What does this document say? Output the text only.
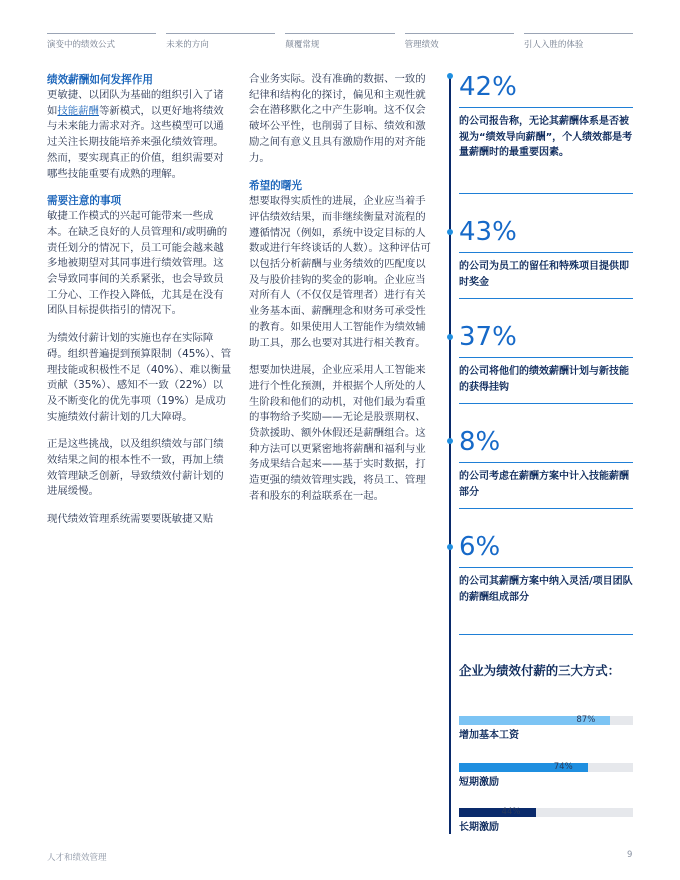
演变中的绩效公式	未来的方向	颠覆常规	管理绩效	引人入胜的体验
绩效薪酬如何发挥作用

更敏捷、以团队为基础的组织引入了诸如技能薪酬等新模式，以更好地将绩效与未来能力需求对齐。这些模型可以通过关注长期技能培养来强化绩效管理。然而，要实现真正的价值，组织需要对哪些技能重要有成熟的理解。

需要注意的事项

敏捷工作模式的兴起可能带来一些成本。在缺乏良好的人员管理和/或明确的责任划分的情况下，员工可能会越来越多地被期望对其同事进行绩效管理。这会导致同事间的关系紧张，也会导致员工分心、工作投入降低，尤其是在没有团队目标提供指引的情况下。

为绩效付薪计划的实施也存在实际障碍。组织普遍提到预算限制（45%）、管理技能或积极性不足（40%）、难以衡量贡献（35%）、感知不一致（22%）以及不断变化的优先事项（19%）是成功实施绩效付薪计划的几大障碍。

正是这些挑战，以及组织绩效与部门绩效结果之间的根本性不一致，再加上绩效管理缺乏创新，导致绩效付薪计划的进展缓慢。

现代绩效管理系统需要要既敏捷又贴

合业务实际。没有准确的数据、一致的纪律和结构化的探讨，偏见和主观性就会在潜移默化之中产生影响。这不仅会破坏公平性，也削弱了目标、绩效和激励之间有意义且具有激励作用的对齐能力。

希望的曙光

想要取得实质性的进展，企业应当着手评估绩效结果，而非继续衡量对流程的遵循情况（例如，系统中设定目标的人数或进行年终谈话的人数）。这种评估可以包括分析薪酬与业务绩效的匹配度以及与股价挂钩的奖金的影响。企业应当对所有人（不仅仅是管理者）进行有关业务基本面、薪酬理念和财务可承受性的教育。如果使用人工智能作为绩效辅助工具，那么也要对其进行相关教育。

想要加快进展，企业应采用人工智能来进行个性化预测，并根据个人所处的人生阶段和他们的动机，对他们最为看重的事物给予奖励——无论是股票期权、贷款援助、额外休假还是薪酬组合。这种方法可以更紧密地将薪酬和福利与业务成果结合起来——基于实时数据，打造更强的绩效管理实践，将员工、管理者和股东的利益联系在一起。

42%
的公司报告称，无论其薪酬体系是否被视为“绩效导向薪酬”，个人绩效都是考量薪酬时的最重要因素。
43%
的公司为员工的留任和特殊项目提供即时奖金
37%
的公司将他们的绩效薪酬计划与新技能的获得挂钩
8%
的公司考虑在薪酬方案中计入技能薪酬部分
6%
的公司其薪酬方案中纳入灵活/项目团队的薪酬组成部分
企业为绩效付薪的三大方式：
87%
增加基本工资
74%
短期激励
44%
长期激励
人才和绩效管理	9
